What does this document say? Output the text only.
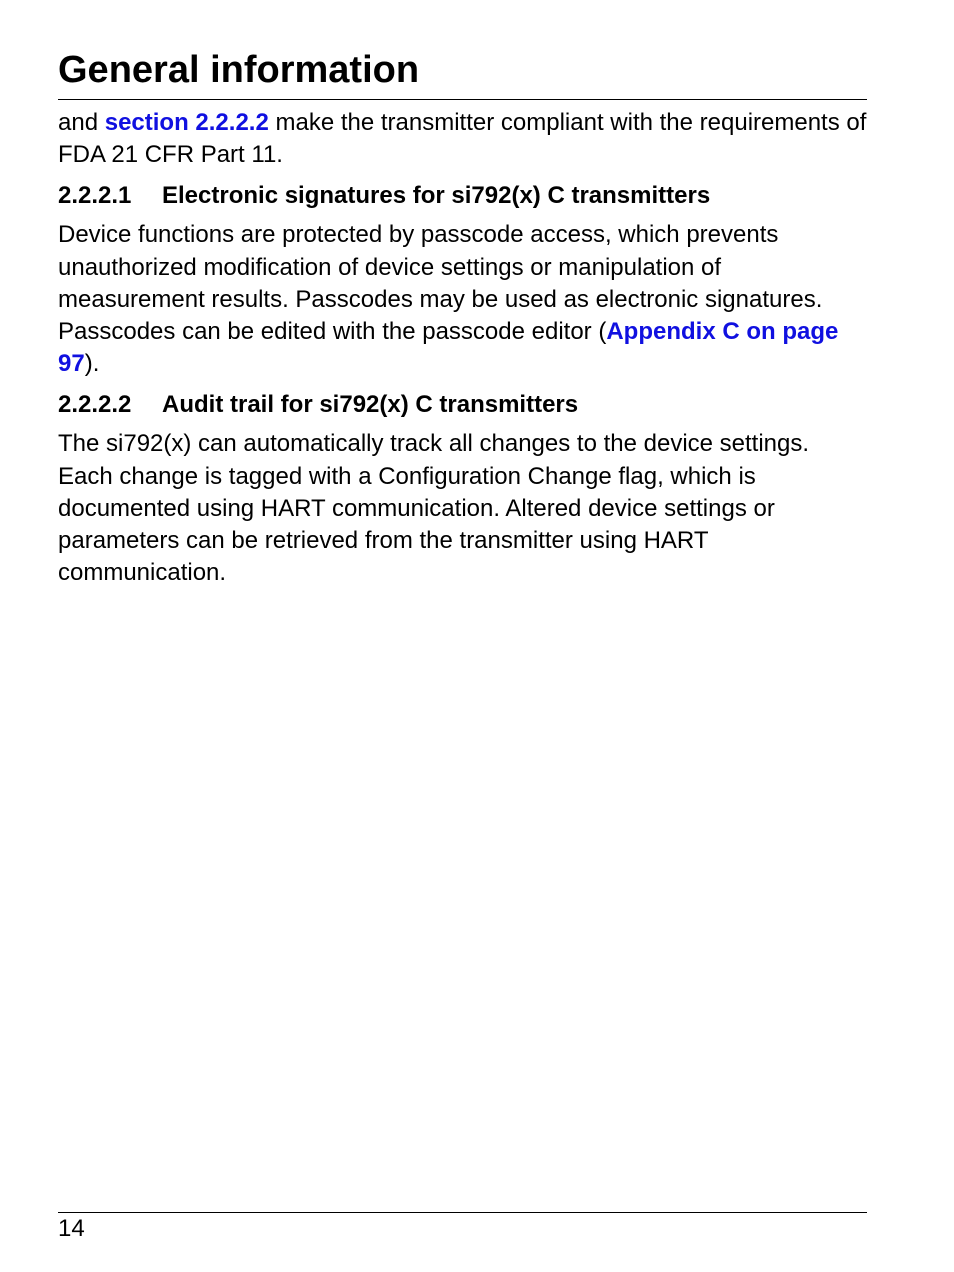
General information

and section 2.2.2.2 make the transmitter compliant with the requirements of FDA 21 CFR Part 11.

2.2.2.1 Electronic signatures for si792(x) C transmitters

Device functions are protected by passcode access, which prevents unauthorized modification of device settings or manipulation of measurement results. Passcodes may be used as electronic signatures. Passcodes can be edited with the passcode editor (Appendix C on page 97).

2.2.2.2 Audit trail for si792(x) C transmitters

The si792(x) can automatically track all changes to the device settings. Each change is tagged with a Configuration Change flag, which is documented using HART communication. Altered device settings or parameters can be retrieved from the transmitter using HART communication.

14
